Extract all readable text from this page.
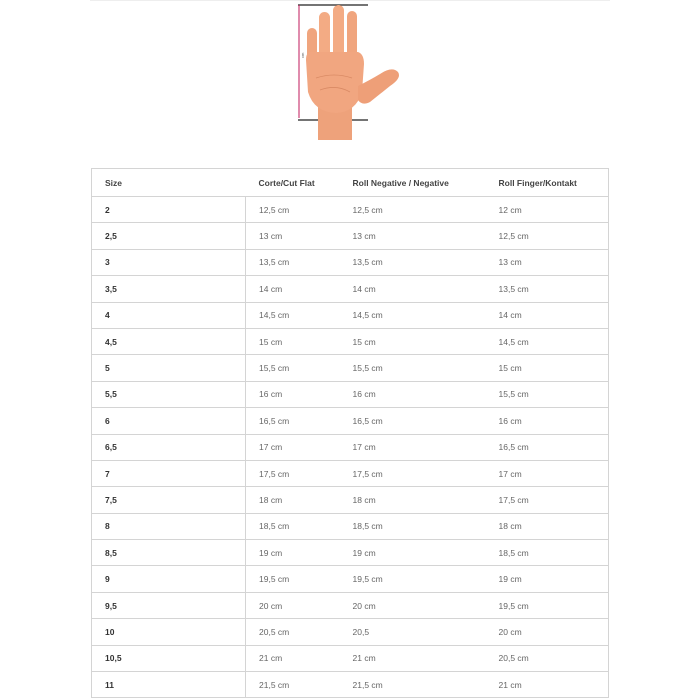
cm
Size	Corte/Cut Flat	Roll Negative / Negative	Roll Finger/Kontakt
2	12,5 cm	12,5 cm	12 cm
2,5	13 cm	13 cm	12,5 cm
3	13,5 cm	13,5 cm	13 cm
3,5	14 cm	14 cm	13,5 cm
4	14,5 cm	14,5 cm	14 cm
4,5	15 cm	15 cm	14,5 cm
5	15,5 cm	15,5 cm	15 cm
5,5	16 cm	16 cm	15,5 cm
6	16,5 cm	16,5 cm	16 cm
6,5	17 cm	17 cm	16,5 cm
7	17,5 cm	17,5 cm	17 cm
7,5	18 cm	18 cm	17,5 cm
8	18,5 cm	18,5 cm	18 cm
8,5	19 cm	19 cm	18,5 cm
9	19,5 cm	19,5 cm	19 cm
9,5	20 cm	20 cm	19,5 cm
10	20,5 cm	20,5	20 cm
10,5	21 cm	21 cm	20,5 cm
11	21,5 cm	21,5 cm	21 cm
